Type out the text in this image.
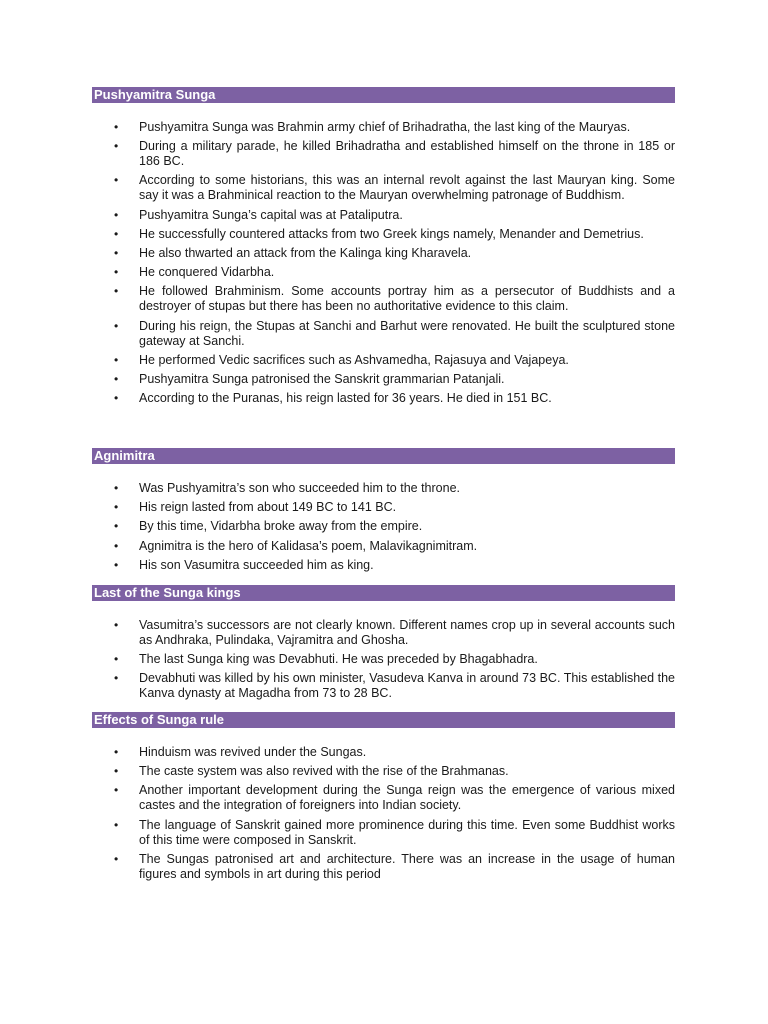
Pushyamitra Sunga
• Pushyamitra Sunga was Brahmin army chief of Brihadratha, the last king of the Mauryas.
• During a military parade, he killed Brihadratha and established himself on the throne in 185 or 186 BC.
• According to some historians, this was an internal revolt against the last Mauryan king. Some say it was a Brahminical reaction to the Mauryan overwhelming patronage of Buddhism.
• Pushyamitra Sunga’s capital was at Pataliputra.
• He successfully countered attacks from two Greek kings namely, Menander and Demetrius.
• He also thwarted an attack from the Kalinga king Kharavela.
• He conquered Vidarbha.
• He followed Brahminism. Some accounts portray him as a persecutor of Buddhists and a destroyer of stupas but there has been no authoritative evidence to this claim.
• During his reign, the Stupas at Sanchi and Barhut were renovated. He built the sculptured stone gateway at Sanchi.
• He performed Vedic sacrifices such as Ashvamedha, Rajasuya and Vajapeya.
• Pushyamitra Sunga patronised the Sanskrit grammarian Patanjali.
• According to the Puranas, his reign lasted for 36 years. He died in 151 BC.
Agnimitra
• Was Pushyamitra’s son who succeeded him to the throne.
• His reign lasted from about 149 BC to 141 BC.
• By this time, Vidarbha broke away from the empire.
• Agnimitra is the hero of Kalidasa’s poem, Malavikagnimitram.
• His son Vasumitra succeeded him as king.
Last of the Sunga kings
• Vasumitra’s successors are not clearly known. Different names crop up in several accounts such as Andhraka, Pulindaka, Vajramitra and Ghosha.
• The last Sunga king was Devabhuti. He was preceded by Bhagabhadra.
• Devabhuti was killed by his own minister, Vasudeva Kanva in around 73 BC. This established the Kanva dynasty at Magadha from 73 to 28 BC.
Effects of Sunga rule
• Hinduism was revived under the Sungas.
• The caste system was also revived with the rise of the Brahmanas.
• Another important development during the Sunga reign was the emergence of various mixed castes and the integration of foreigners into Indian society.
• The language of Sanskrit gained more prominence during this time. Even some Buddhist works of this time were composed in Sanskrit.
• The Sungas patronised art and architecture. There was an increase in the usage of human figures and symbols in art during this period
